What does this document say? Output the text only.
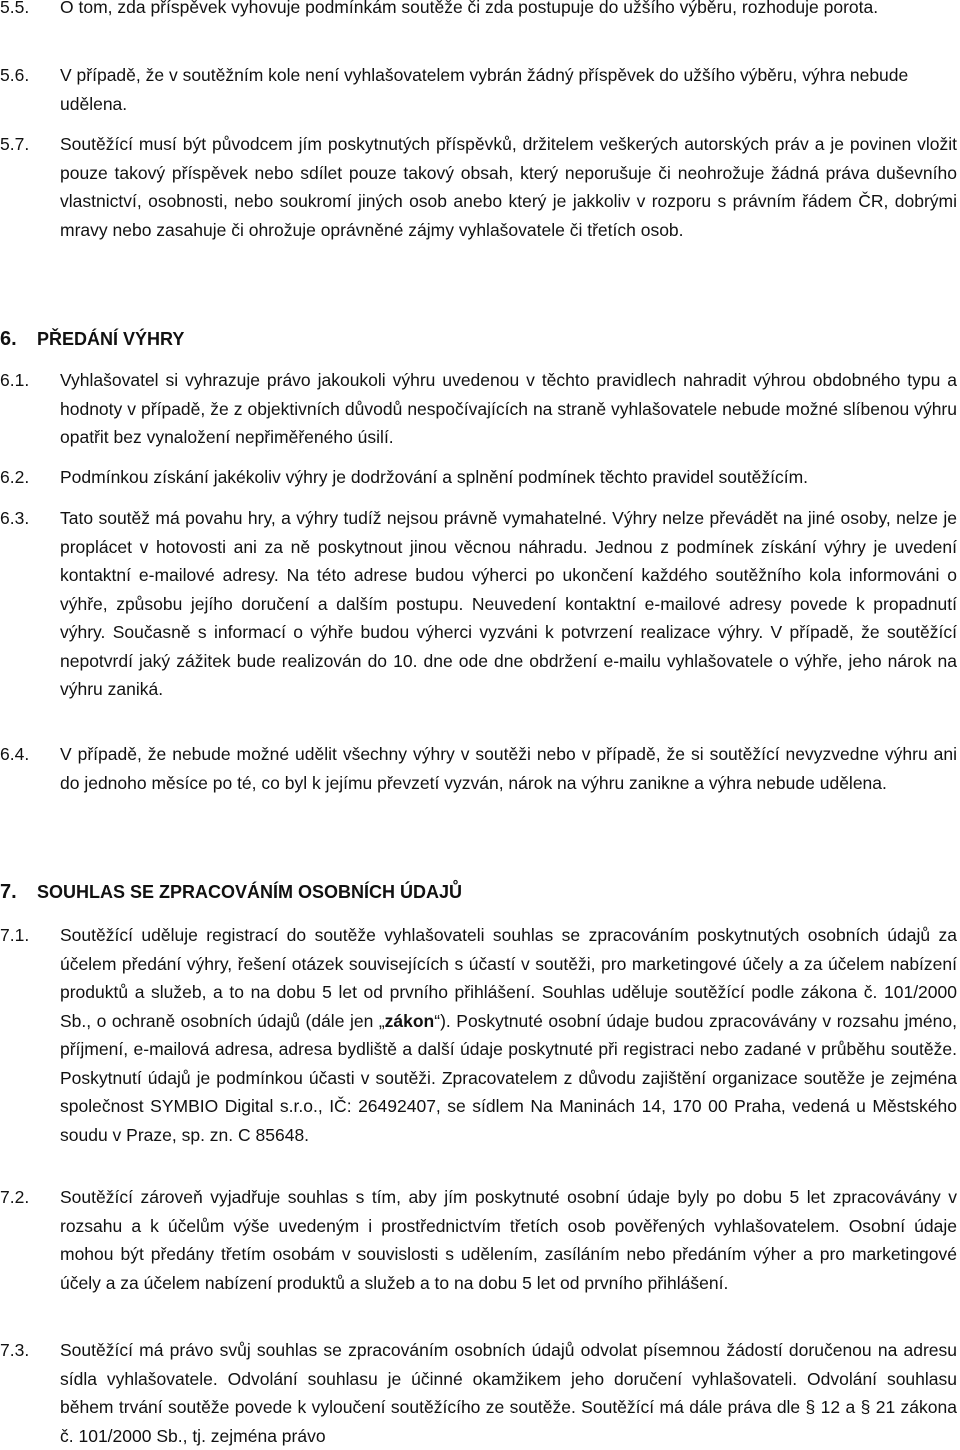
5.5. O tom, zda příspěvek vyhovuje podmínkám soutěže či zda postupuje do užšího výběru, rozhoduje porota.
5.6. V případě, že v soutěžním kole není vyhlašovatelem vybrán žádný příspěvek do užšího výběru, výhra nebude udělena.
5.7. Soutěžící musí být původcem jím poskytnutých příspěvků, držitelem veškerých autorských práv a je povinen vložit pouze takový příspěvek nebo sdílet pouze takový obsah, který neporušuje či neohrožuje žádná práva duševního vlastnictví, osobnosti, nebo soukromí jiných osob anebo který je jakkoliv v rozporu s právním řádem ČR, dobrými mravy nebo zasahuje či ohrožuje oprávněné zájmy vyhlašovatele či třetích osob.
6. PŘEDÁNÍ VÝHRY
6.1. Vyhlašovatel si vyhrazuje právo jakoukoli výhru uvedenou v těchto pravidlech nahradit výhrou obdobného typu a hodnoty v případě, že z objektivních důvodů nespočívajících na straně vyhlašovatele nebude možné slíbenou výhru opatřit bez vynaložení nepřiměřeného úsilí.
6.2. Podmínkou získání jakékoliv výhry je dodržování a splnění podmínek těchto pravidel soutěžícím.
6.3. Tato soutěž má povahu hry, a výhry tudíž nejsou právně vymahatelné. Výhry nelze převádět na jiné osoby, nelze je proplácet v hotovosti ani za ně poskytnout jinou věcnou náhradu. Jednou z podmínek získání výhry je uvedení kontaktní e-mailové adresy. Na této adrese budou výherci po ukončení každého soutěžního kola informováni o výhře, způsobu jejího doručení a dalším postupu. Neuvedení kontaktní e-mailové adresy povede k propadnutí výhry. Současně s informací o výhře budou výherci vyzváni k potvrzení realizace výhry. V případě, že soutěžící nepotvrdí jaký zážitek bude realizován do 10. dne ode dne obdržení e-mailu vyhlašovatele o výhře, jeho nárok na výhru zaniká.
6.4. V případě, že nebude možné udělit všechny výhry v soutěži nebo v případě, že si soutěžící nevyzvedne výhru ani do jednoho měsíce po té, co byl k jejímu převzetí vyzván, nárok na výhru zanikne a výhra nebude udělena.
7. SOUHLAS SE ZPRACOVÁNÍM OSOBNÍCH ÚDAJŮ
7.1. Soutěžící uděluje registrací do soutěže vyhlašovateli souhlas se zpracováním poskytnutých osobních údajů za účelem předání výhry, řešení otázek souvisejících s účastí v soutěži, pro marketingové účely a za účelem nabízení produktů a služeb, a to na dobu 5 let od prvního přihlášení. Souhlas uděluje soutěžící podle zákona č. 101/2000 Sb., o ochraně osobních údajů (dále jen „zákon“). Poskytnuté osobní údaje budou zpracovávány v rozsahu jméno, příjmení, e-mailová adresa, adresa bydliště a další údaje poskytnuté při registraci nebo zadané v průběhu soutěže. Poskytnutí údajů je podmínkou účasti v soutěži. Zpracovatelem z důvodu zajištění organizace soutěže je zejména společnost SYMBIO Digital s.r.o., IČ: 26492407, se sídlem Na Maninách 14, 170 00 Praha, vedená u Městského soudu v Praze, sp. zn. C 85648.
7.2. Soutěžící zároveň vyjadřuje souhlas s tím, aby jím poskytnuté osobní údaje byly po dobu 5 let zpracovávány v rozsahu a k účelům výše uvedeným i prostřednictvím třetích osob pověřených vyhlašovatelem. Osobní údaje mohou být předány třetím osobám v souvislosti s udělením, zasíláním nebo předáním výher a pro marketingové účely a za účelem nabízení produktů a služeb a to na dobu 5 let od prvního přihlášení.
7.3. Soutěžící má právo svůj souhlas se zpracováním osobních údajů odvolat písemnou žádostí doručenou na adresu sídla vyhlašovatele. Odvolání souhlasu je účinné okamžikem jeho doručení vyhlašovateli. Odvolání souhlasu během trvání soutěže povede k vyloučení soutěžícího ze soutěže. Soutěžící má dále práva dle § 12 a § 21 zákona č. 101/2000 Sb., tj. zejména právo
